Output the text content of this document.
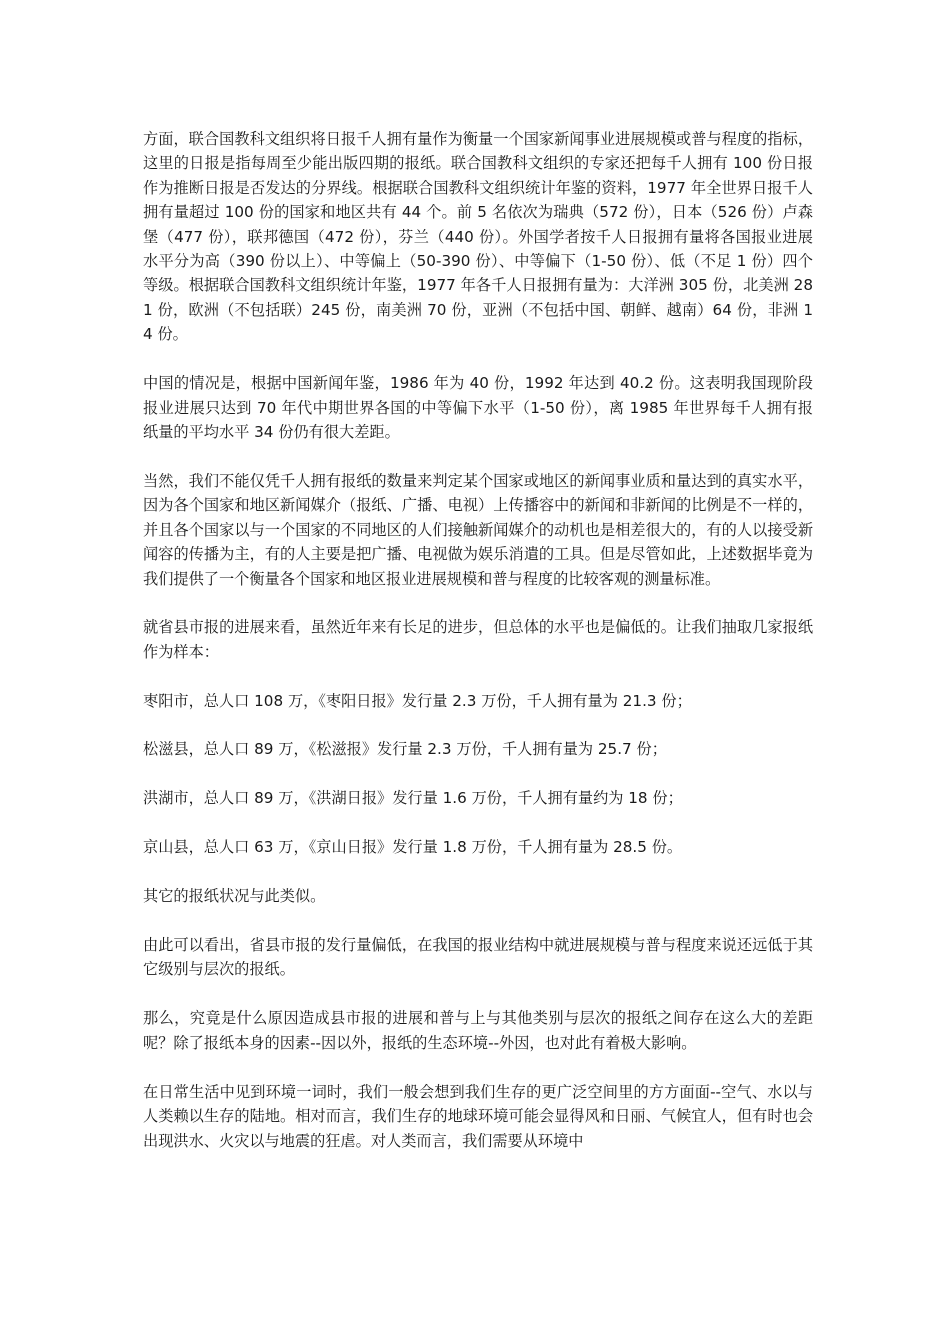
方面，联合国教科文组织将日报千人拥有量作为衡量一个国家新闻事业进展规模或普与程度的指标，这里的日报是指每周至少能出版四期的报纸。联合国教科文组织的专家还把每千人拥有 100 份日报作为推断日报是否发达的分界线。根据联合国教科文组织统计年鉴的资料，1977 年全世界日报千人拥有量超过 100 份的国家和地区共有 44 个。前 5 名依次为瑞典（572 份），日本（526 份）卢森堡（477 份），联邦德国（472 份），芬兰（440 份）。外国学者按千人日报拥有量将各国报业进展水平分为高（390 份以上）、中等偏上（50-390 份）、中等偏下（1-50 份）、低（不足 1 份）四个等级。根据联合国教科文组织统计年鉴，1977 年各千人日报拥有量为：大洋洲 305 份，北美洲 281 份，欧洲（不包括联）245 份，南美洲 70 份，亚洲（不包括中国、朝鲜、越南）64 份，非洲 14 份。

中国的情况是，根据中国新闻年鉴，1986 年为 40 份，1992 年达到 40.2 份。这表明我国现阶段报业进展只达到 70 年代中期世界各国的中等偏下水平（1-50 份），离 1985 年世界每千人拥有报纸量的平均水平 34 份仍有很大差距。

当然，我们不能仅凭千人拥有报纸的数量来判定某个国家或地区的新闻事业质和量达到的真实水平，因为各个国家和地区新闻媒介（报纸、广播、电视）上传播容中的新闻和非新闻的比例是不一样的，并且各个国家以与一个国家的不同地区的人们接触新闻媒介的动机也是相差很大的，有的人以接受新闻容的传播为主，有的人主要是把广播、电视做为娱乐消遣的工具。但是尽管如此，上述数据毕竟为我们提供了一个衡量各个国家和地区报业进展规模和普与程度的比较客观的测量标准。

就省县市报的进展来看，虽然近年来有长足的进步，但总体的水平也是偏低的。让我们抽取几家报纸作为样本：

枣阳市，总人口 108 万，《枣阳日报》发行量 2.3 万份，千人拥有量为 21.3 份；

松滋县，总人口 89 万，《松滋报》发行量 2.3 万份，千人拥有量为 25.7 份；

洪湖市，总人口 89 万，《洪湖日报》发行量 1.6 万份，千人拥有量约为 18 份；

京山县，总人口 63 万，《京山日报》发行量 1.8 万份，千人拥有量为 28.5 份。

其它的报纸状况与此类似。

由此可以看出，省县市报的发行量偏低，在我国的报业结构中就进展规模与普与程度来说还远低于其它级别与层次的报纸。

那么，究竟是什么原因造成县市报的进展和普与上与其他类别与层次的报纸之间存在这么大的差距呢？除了报纸本身的因素--因以外，报纸的生态环境--外因，也对此有着极大影响。

在日常生活中见到环境一词时，我们一般会想到我们生存的更广泛空间里的方方面面--空气、水以与人类赖以生存的陆地。相对而言，我们生存的地球环境可能会显得风和日丽、气候宜人，但有时也会出现洪水、火灾以与地震的狂虐。对人类而言，我们需要从环境中
